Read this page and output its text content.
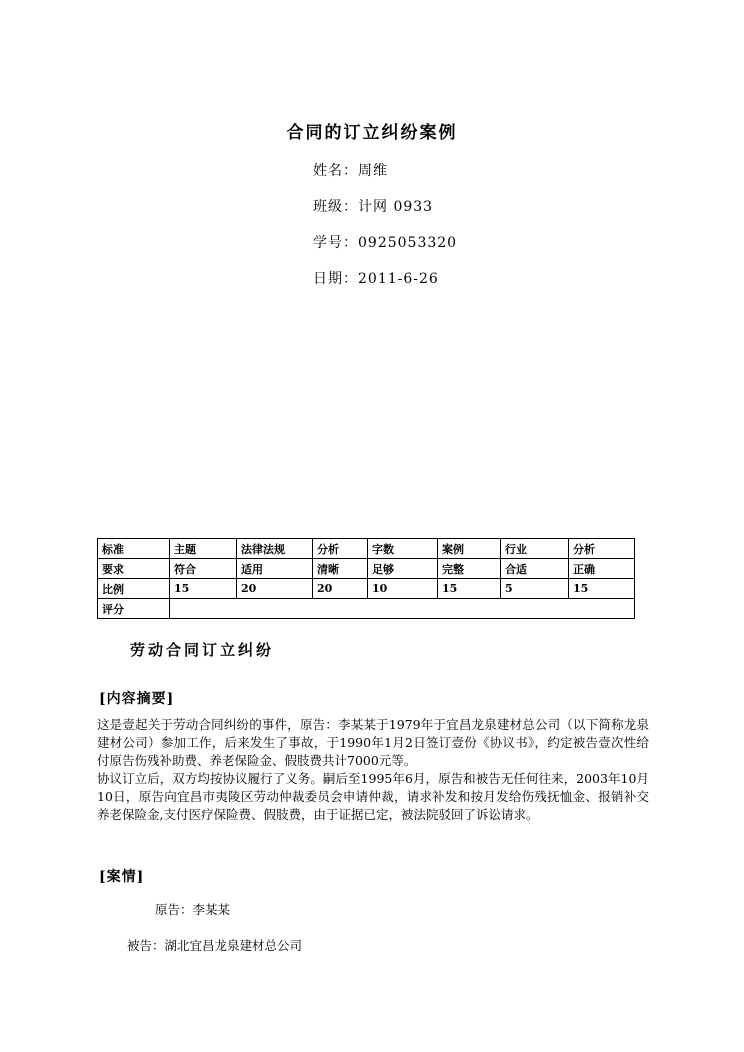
合同的订立纠纷案例
姓名：周维
班级：计网 0933
学号：0925053320
日期：2011-6-26
标准	主题	法律法规	分析	字数	案例	行业	分析
要求	符合	适用	清晰	足够	完整	合适	正确
比例	15	20	20	10	15	5	15
评分							
劳动合同订立纠纷
[内容摘要]

这是壹起关于劳动合同纠纷的事件，原告：李某某于1979年于宜昌龙泉建材总公司（以下简称龙泉建材公司）参加工作，后来发生了事故，于1990年1月2日签订壹份《协议书》，约定被告壹次性给付原告伤残补助费、养老保险金、假肢费共计7000元等。

协议订立后，双方均按协议履行了义务。嗣后至1995年6月，原告和被告无任何往来，2003年10月10日，原告向宜昌市夷陵区劳动仲裁委员会申请仲裁，请求补发和按月发给伤残抚恤金、报销补交养老保险金,支付医疗保险费、假肢费，由于证据已定，被法院驳回了诉讼请求。

[案情]
原告：李某某
被告：湖北宜昌龙泉建材总公司
